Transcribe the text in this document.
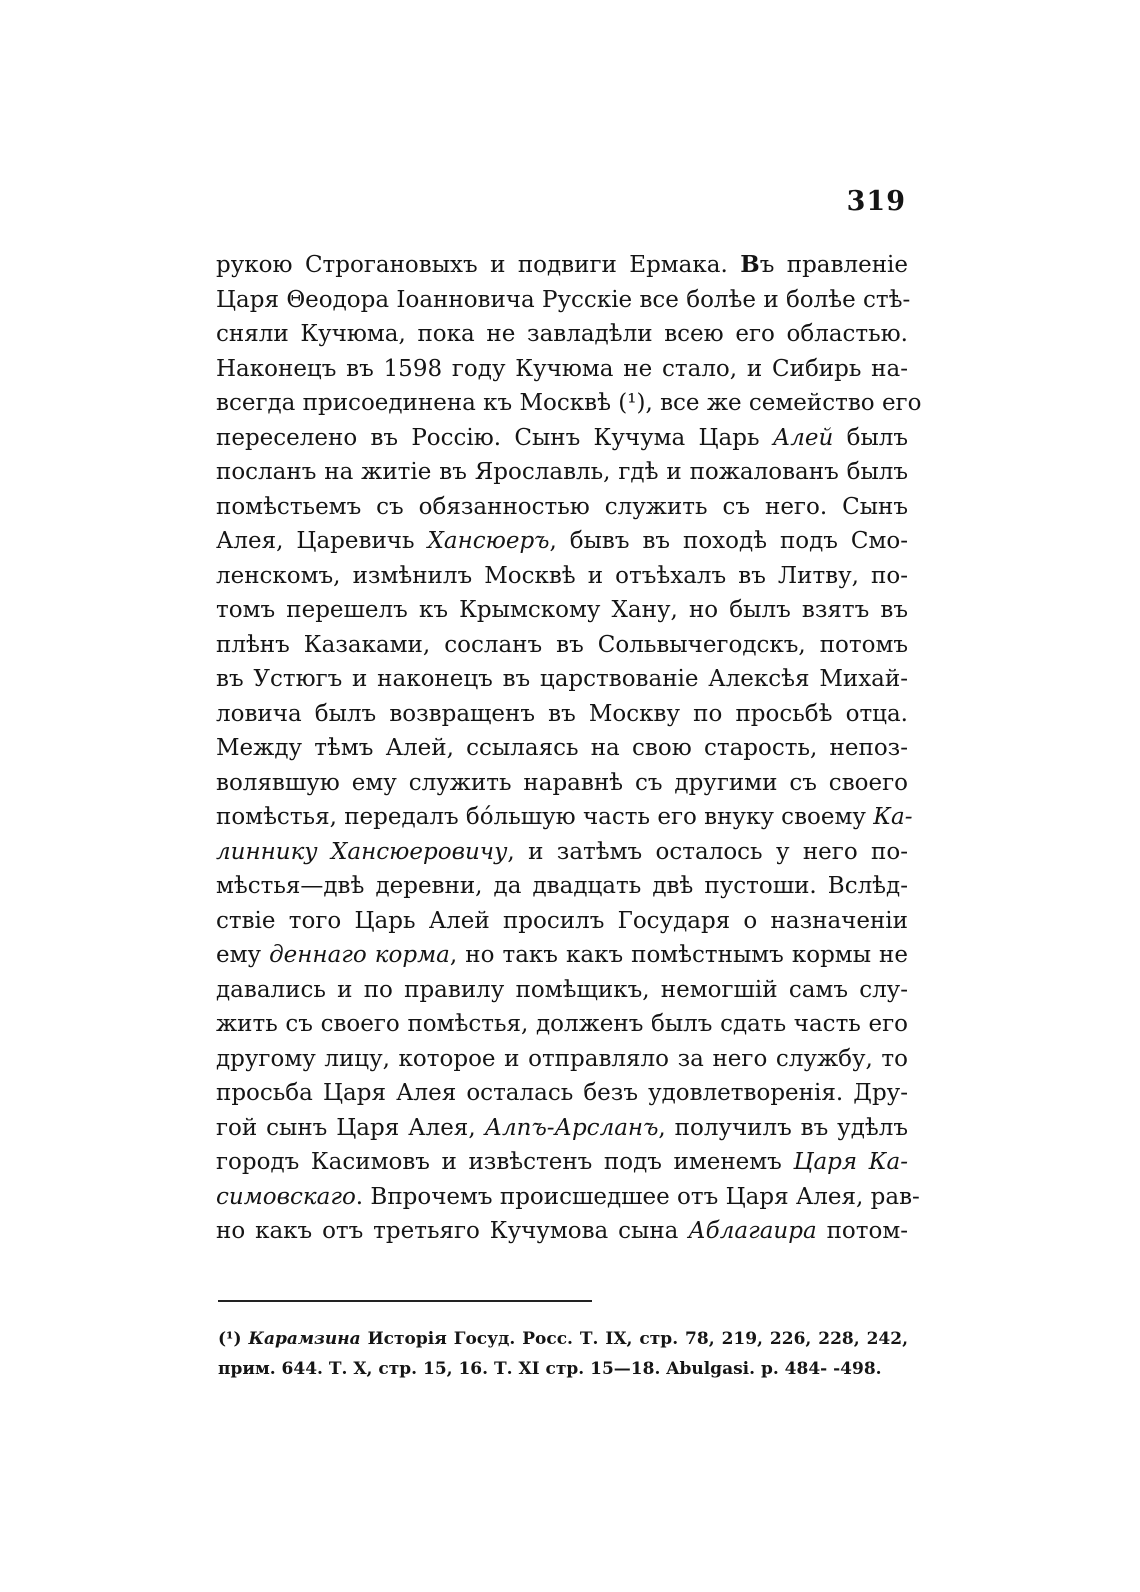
319
рукою Строгановыхъ и подвиги Ермака. Въ правленіе
Царя Θеодора Іоанновича Русскіе все болѣе и болѣе стѣ-
сняли Кучюма, пока не завладѣли всею его областью.
Наконецъ въ 1598 году Кучюма не стало, и Сибирь на-
всегда присоединена къ Москвѣ (¹), все же семейство его
переселено въ Россію. Сынъ Кучума Царь Алей былъ
посланъ на житіе въ Ярославль, гдѣ и пожалованъ былъ
помѣстьемъ съ обязанностью служить съ него. Сынъ
Алея, Царевичь Хансюеръ, бывъ въ походѣ подъ Смо-
ленскомъ, измѣнилъ Москвѣ и отъѣхалъ въ Литву, по-
томъ перешелъ къ Крымскому Хану, но былъ взятъ въ
плѣнъ Казаками, сосланъ въ Сольвычегодскъ, потомъ
въ Устюгъ и наконецъ въ царствованіе Алексѣя Михай-
ловича былъ возвращенъ въ Москву по просьбѣ отца.
Между тѣмъ Алей, ссылаясь на свою старость, непоз-
волявшую ему служить наравнѣ съ другими съ своего
помѣстья, передалъ бóльшую часть его внуку своему Ка-
линнику Хансюеровичу, и затѣмъ осталось у него по-
мѣстья—двѣ деревни, да двадцать двѣ пустоши. Вслѣд-
ствіе того Царь Алей просилъ Государя о назначеніи
ему деннаго корма, но такъ какъ помѣстнымъ кормы не
давались и по правилу помѣщикъ, немогшій самъ слу-
жить съ своего помѣстья, долженъ былъ сдать часть его
другому лицу, которое и отправляло за него службу, то
просьба Царя Алея осталась безъ удовлетворенія. Дру-
гой сынъ Царя Алея, Алпъ-Арсланъ, получилъ въ удѣлъ
городъ Касимовъ и извѣстенъ подъ именемъ Царя Ка-
симовскаго. Впрочемъ происшедшее отъ Царя Алея, рав-
но какъ отъ третьяго Кучумова сына Аблагаира потом-
(¹) Карамзина Исторія Госуд. Росс. Т. IX, стр. 78, 219, 226, 228, 242,
прим. 644. Т. X, стр. 15, 16. Т. XI стр. 15—18. Abulgasi. p. 484- -498.
